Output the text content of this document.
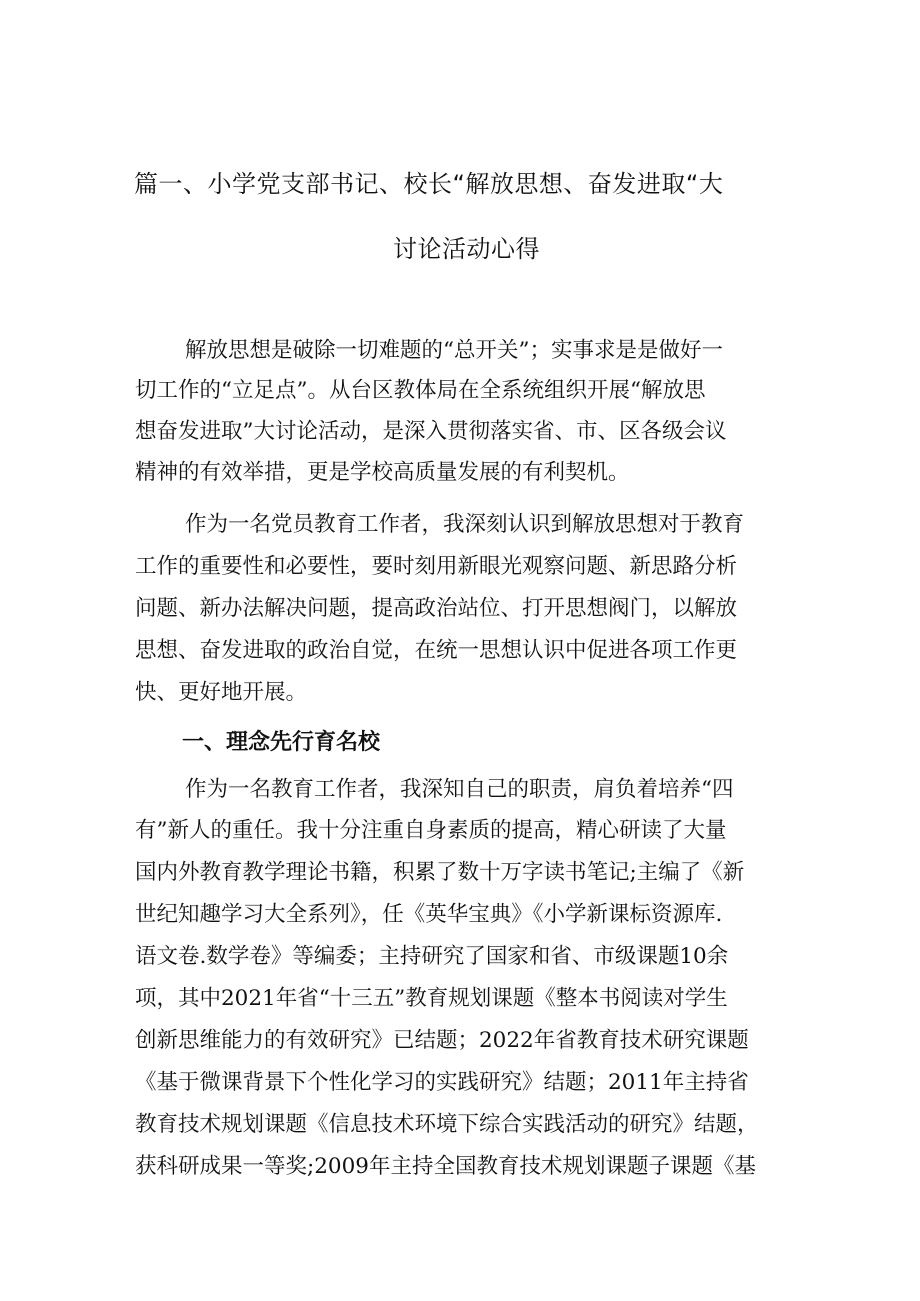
篇一、小学党支部书记、校长“解放思想、奋发进取“大
讨论活动心得
解放思想是破除一切难题的“总开关”；实事求是是做好一
切工作的“立足点”。从台区教体局在全系统组织开展“解放思
想奋发进取”大讨论活动，是深入贯彻落实省、市、区各级会议
精神的有效举措，更是学校高质量发展的有利契机。
作为一名党员教育工作者，我深刻认识到解放思想对于教育
工作的重要性和必要性，要时刻用新眼光观察问题、新思路分析
问题、新办法解决问题，提高政治站位、打开思想阀门，以解放
思想、奋发进取的政治自觉，在统一思想认识中促进各项工作更
快、更好地开展。
一、理念先行育名校
作为一名教育工作者，我深知自己的职责，肩负着培养“四
有”新人的重任。我十分注重自身素质的提高，精心研读了大量
国内外教育教学理论书籍，积累了数十万字读书笔记;主编了《新
世纪知趣学习大全系列》，任《英华宝典》《小学新课标资源库.
语文卷.数学卷》等编委；主持研究了国家和省、市级课题10余
项，其中2021年省“十三五”教育规划课题《整本书阅读对学生
创新思维能力的有效研究》已结题；2022年省教育技术研究课题
《基于微课背景下个性化学习的实践研究》结题；2011年主持省
教育技术规划课题《信息技术环境下综合实践活动的研究》结题，
获科研成果一等奖;2009年主持全国教育技术规划课题子课题《基
